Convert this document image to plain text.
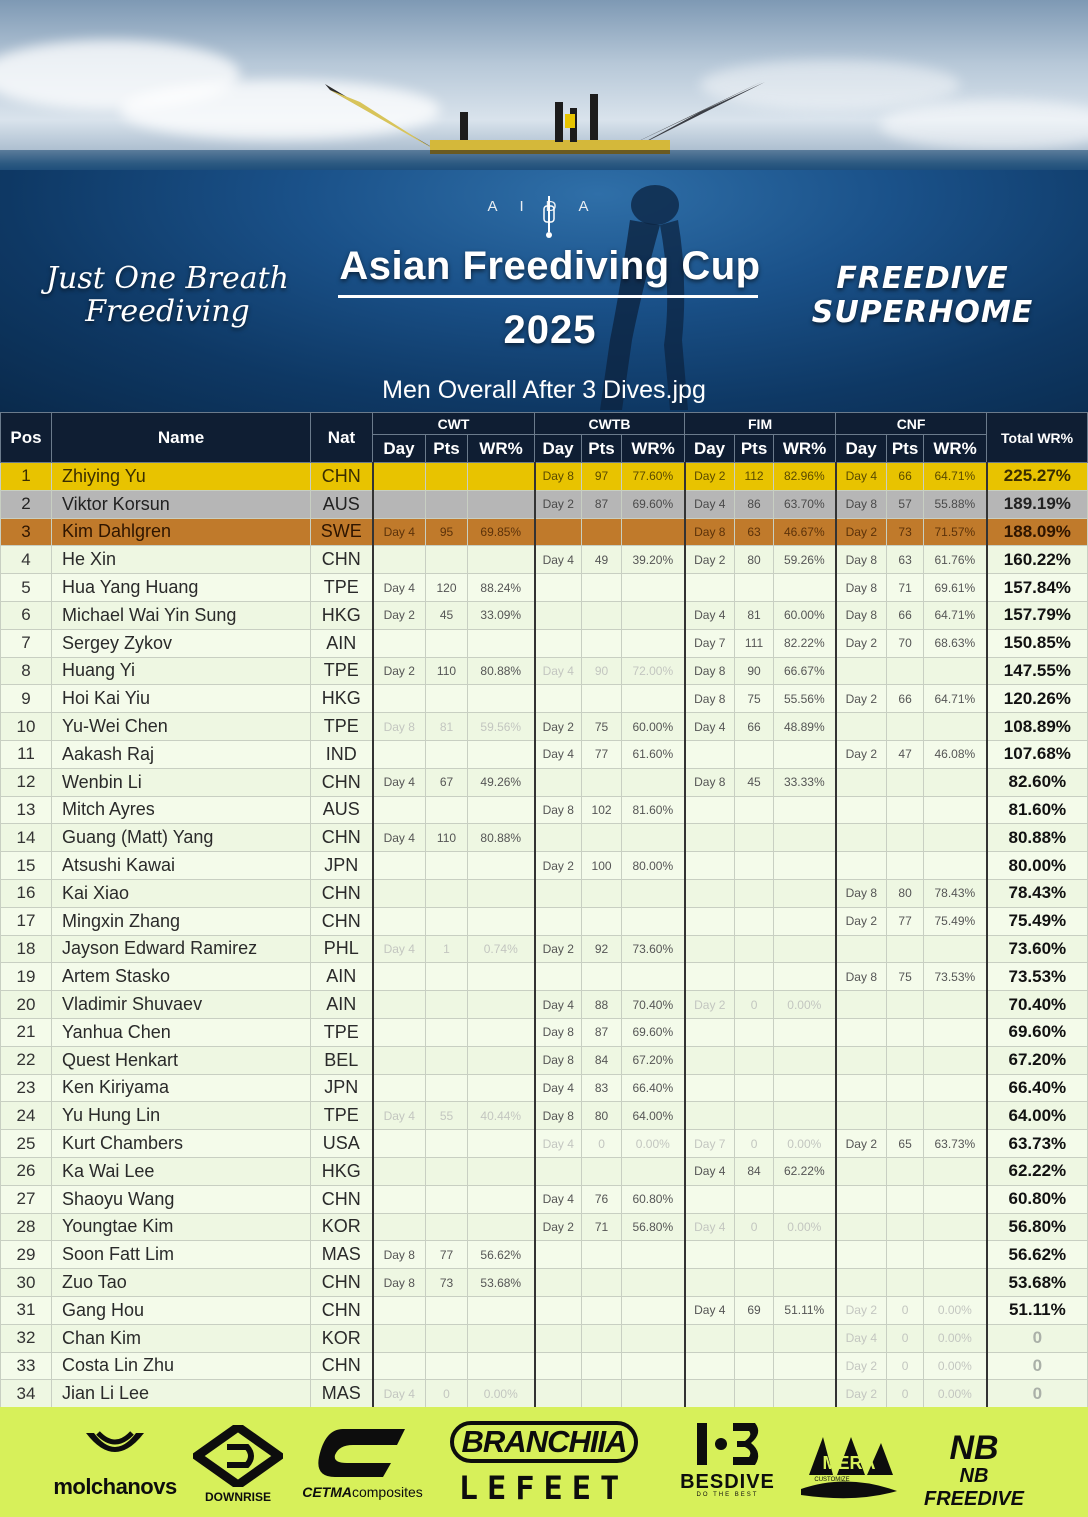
Just One Breath Freediving
AIDA
Asian Freediving Cup
2025
FREEDIVE SUPERHOME
Men Overall After 3 Dives.jpg
Pos	Name	Nat	CWT			CWTB			FIM			CNF			Total WR%
			Day	Pts	WR%	Day	Pts	WR%	Day	Pts	WR%	Day	Pts	WR%	
1	Zhiying Yu	CHN				Day 8	97	77.60%	Day 2	112	82.96%	Day 4	66	64.71%	225.27%
2	Viktor Korsun	AUS				Day 2	87	69.60%	Day 4	86	63.70%	Day 8	57	55.88%	189.19%
3	Kim Dahlgren	SWE	Day 4	95	69.85%				Day 8	63	46.67%	Day 2	73	71.57%	188.09%
4	He Xin	CHN				Day 4	49	39.20%	Day 2	80	59.26%	Day 8	63	61.76%	160.22%
5	Hua Yang Huang	TPE	Day 4	120	88.24%							Day 8	71	69.61%	157.84%
6	Michael Wai Yin Sung	HKG	Day 2	45	33.09%				Day 4	81	60.00%	Day 8	66	64.71%	157.79%
7	Sergey Zykov	AIN							Day 7	111	82.22%	Day 2	70	68.63%	150.85%
8	Huang Yi	TPE	Day 2	110	80.88%	Day 4	90	72.00%	Day 8	90	66.67%				147.55%
9	Hoi Kai Yiu	HKG							Day 8	75	55.56%	Day 2	66	64.71%	120.26%
10	Yu-Wei Chen	TPE	Day 8	81	59.56%	Day 2	75	60.00%	Day 4	66	48.89%				108.89%
11	Aakash Raj	IND				Day 4	77	61.60%				Day 2	47	46.08%	107.68%
12	Wenbin Li	CHN	Day 4	67	49.26%				Day 8	45	33.33%				82.60%
13	Mitch Ayres	AUS				Day 8	102	81.60%							81.60%
14	Guang (Matt) Yang	CHN	Day 4	110	80.88%										80.88%
15	Atsushi Kawai	JPN				Day 2	100	80.00%							80.00%
16	Kai Xiao	CHN										Day 8	80	78.43%	78.43%
17	Mingxin Zhang	CHN										Day 2	77	75.49%	75.49%
18	Jayson Edward Ramirez	PHL	Day 4	1	0.74%	Day 2	92	73.60%							73.60%
19	Artem Stasko	AIN										Day 8	75	73.53%	73.53%
20	Vladimir Shuvaev	AIN				Day 4	88	70.40%	Day 2	0	0.00%				70.40%
21	Yanhua Chen	TPE				Day 8	87	69.60%							69.60%
22	Quest Henkart	BEL				Day 8	84	67.20%							67.20%
23	Ken Kiriyama	JPN				Day 4	83	66.40%							66.40%
24	Yu Hung Lin	TPE	Day 4	55	40.44%	Day 8	80	64.00%							64.00%
25	Kurt Chambers	USA				Day 4	0	0.00%	Day 7	0	0.00%	Day 2	65	63.73%	63.73%
26	Ka Wai Lee	HKG							Day 4	84	62.22%				62.22%
27	Shaoyu Wang	CHN				Day 4	76	60.80%							60.80%
28	Youngtae Kim	KOR				Day 2	71	56.80%	Day 4	0	0.00%				56.80%
29	Soon Fatt Lim	MAS	Day 8	77	56.62%										56.62%
30	Zuo Tao	CHN	Day 8	73	53.68%										53.68%
31	Gang Hou	CHN							Day 4	69	51.11%	Day 2	0	0.00%	51.11%
32	Chan Kim	KOR										Day 4	0	0.00%	0
33	Costa Lin Zhu	CHN										Day 2	0	0.00%	0
34	Jian Li Lee	MAS	Day 4	0	0.00%							Day 2	0	0.00%	0
molchanovs	DOWNRISE	CETMAcomposites
BRANCHIIA
LEFEET	BESDIVE
DO THE BEST
MERA
CUSTOMIZE
NB
NB FREEDIVE
